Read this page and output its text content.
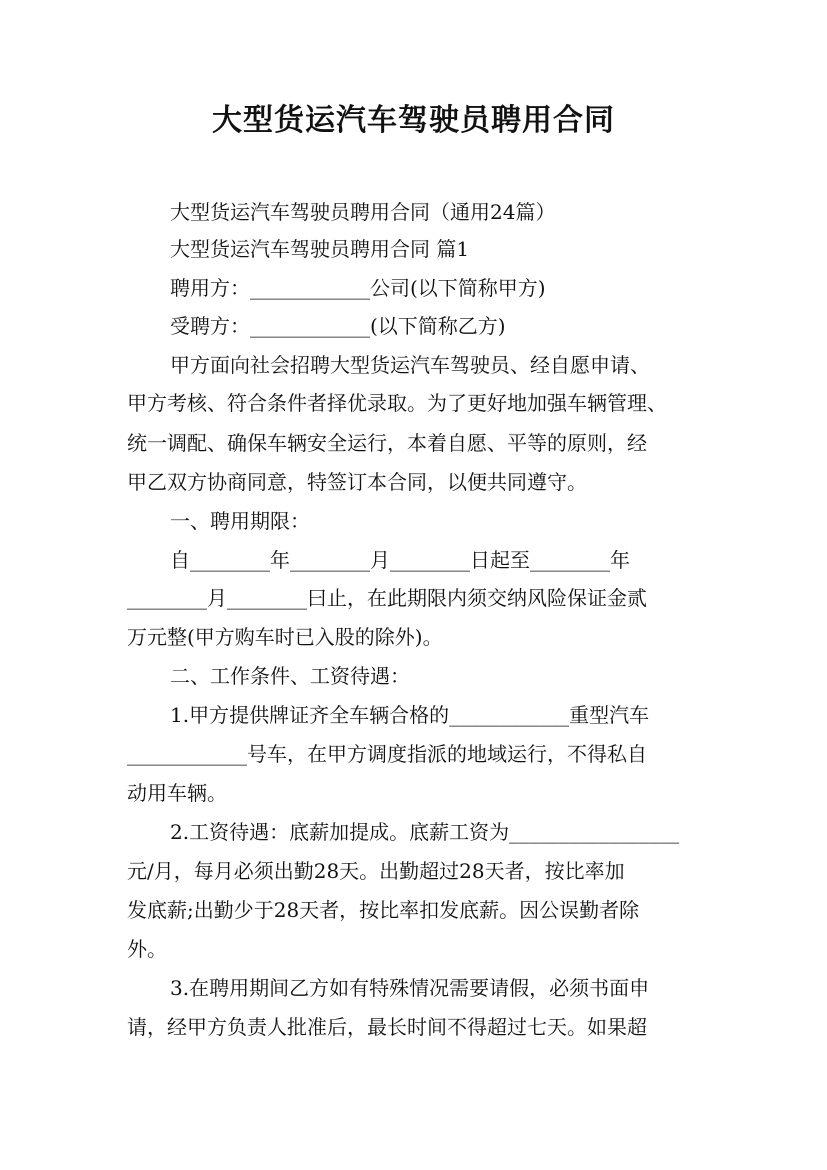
大型货运汽车驾驶员聘用合同
大型货运汽车驾驶员聘用合同（通用24篇）
大型货运汽车驾驶员聘用合同 篇1
聘用方：____________公司(以下简称甲方)
受聘方：____________(以下简称乙方)
甲方面向社会招聘大型货运汽车驾驶员、经自愿申请、
甲方考核、符合条件者择优录取。为了更好地加强车辆管理、
统一调配、确保车辆安全运行，本着自愿、平等的原则，经
甲乙双方协商同意，特签订本合同，以便共同遵守。
一、聘用期限：
自________年________月________日起至________年
________月________曰止，在此期限内须交纳风险保证金贰
万元整(甲方购车时已入股的除外)。
二、工作条件、工资待遇：
1.甲方提供牌证齐全车辆合格的____________重型汽车
____________号车，在甲方调度指派的地域运行，不得私自
动用车辆。
2.工资待遇：底薪加提成。底薪工资为_________________
元/月，每月必须出勤28天。出勤超过28天者，按比率加
发底薪;出勤少于28天者，按比率扣发底薪。因公误勤者除
外。
3.在聘用期间乙方如有特殊情况需要请假，必须书面申
请，经甲方负责人批准后，最长时间不得超过七天。如果超
